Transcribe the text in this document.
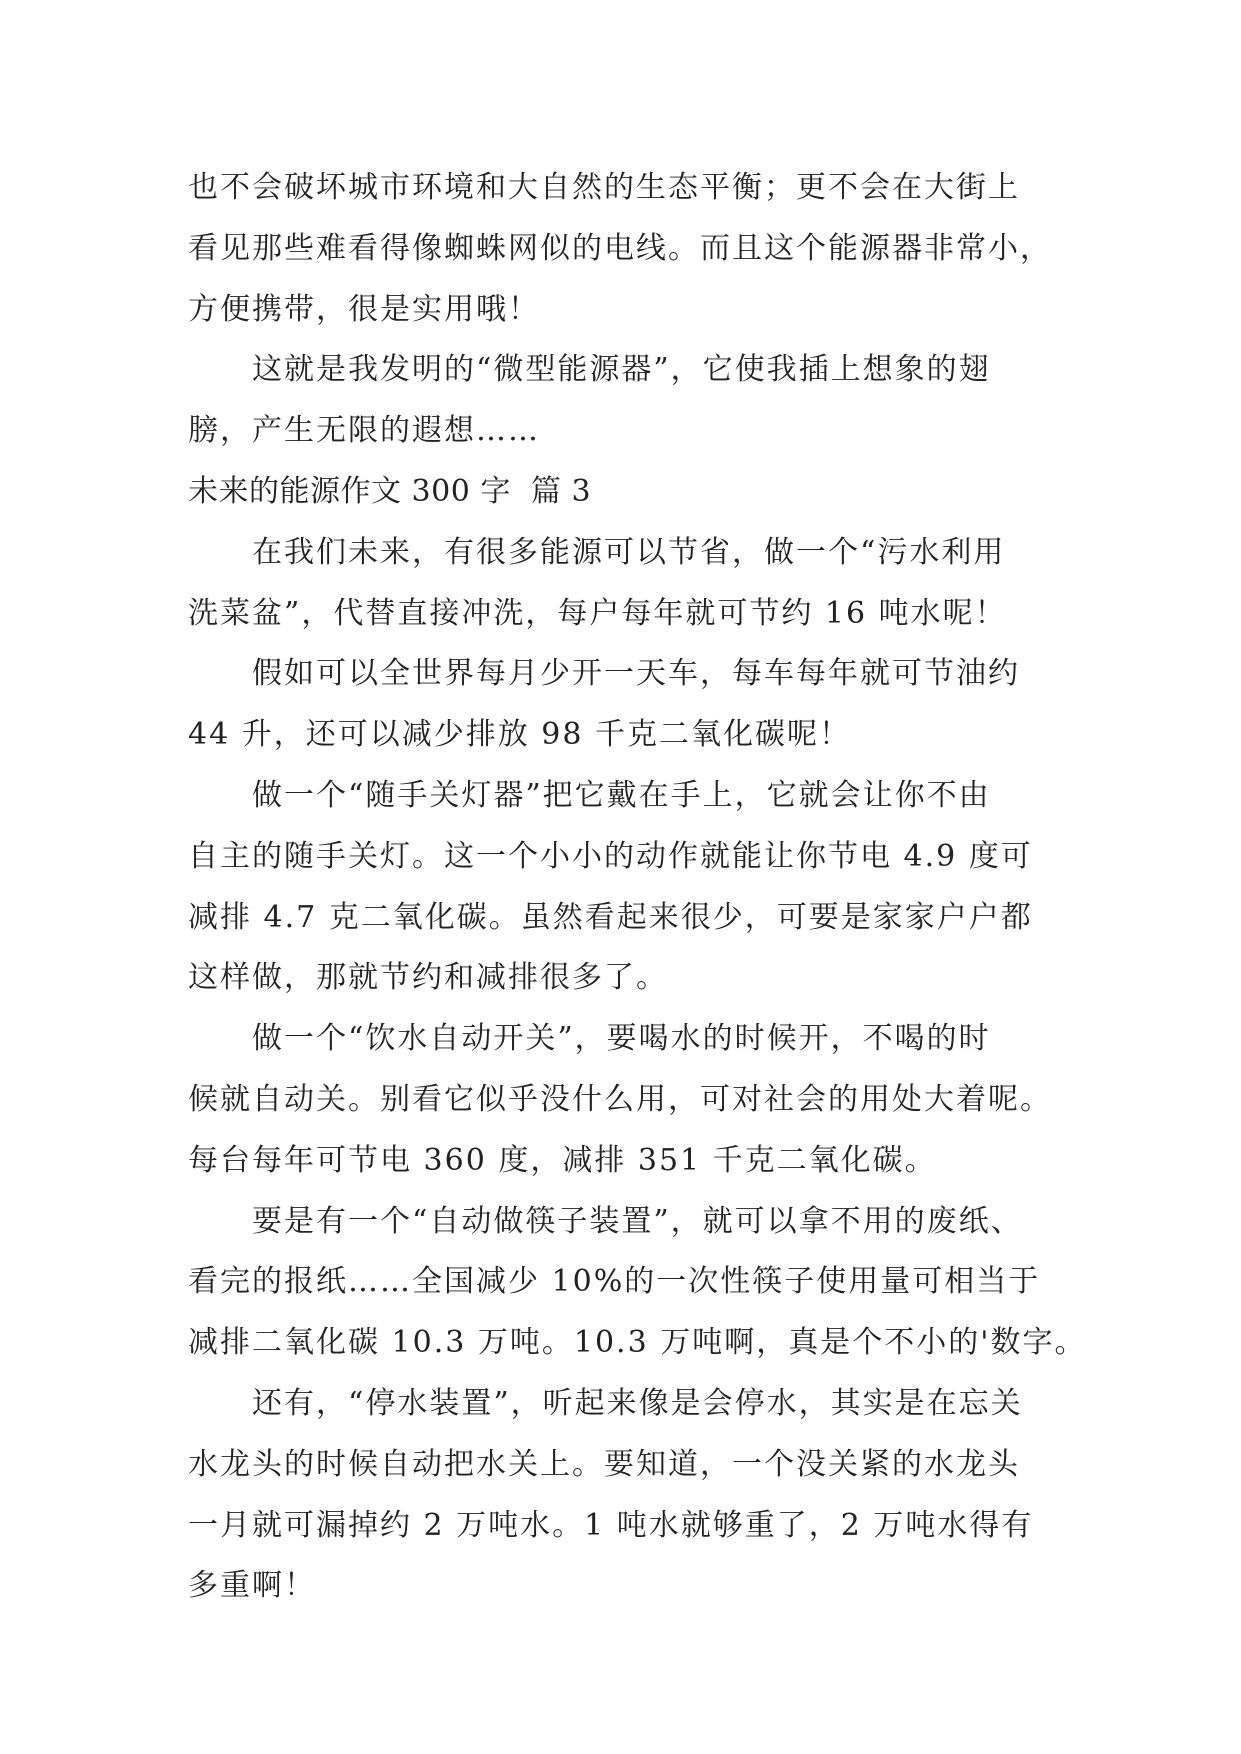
也不会破坏城市环境和大自然的生态平衡；更不会在大街上
看见那些难看得像蜘蛛网似的电线。而且这个能源器非常小，
方便携带，很是实用哦！
　　这就是我发明的“微型能源器”，它使我插上想象的翅
膀，产生无限的遐想……
未来的能源作文 300 字  篇 3
　　在我们未来，有很多能源可以节省，做一个“污水利用
洗菜盆”，代替直接冲洗，每户每年就可节约 16 吨水呢！
　　假如可以全世界每月少开一天车，每车每年就可节油约
44 升，还可以减少排放 98 千克二氧化碳呢！
　　做一个“随手关灯器”把它戴在手上，它就会让你不由
自主的随手关灯。这一个小小的动作就能让你节电 4.9 度可
减排 4.7 克二氧化碳。虽然看起来很少，可要是家家户户都
这样做，那就节约和减排很多了。
　　做一个“饮水自动开关”，要喝水的时候开，不喝的时
候就自动关。别看它似乎没什么用，可对社会的用处大着呢。
每台每年可节电 360 度，减排 351 千克二氧化碳。
　　要是有一个“自动做筷子装置”，就可以拿不用的废纸、
看完的报纸……全国减少 10%的一次性筷子使用量可相当于
减排二氧化碳 10.3 万吨。10.3 万吨啊，真是个不小的'数字。
　　还有，“停水装置”，听起来像是会停水，其实是在忘关
水龙头的时候自动把水关上。要知道，一个没关紧的水龙头
一月就可漏掉约 2 万吨水。1 吨水就够重了，2 万吨水得有
多重啊！
